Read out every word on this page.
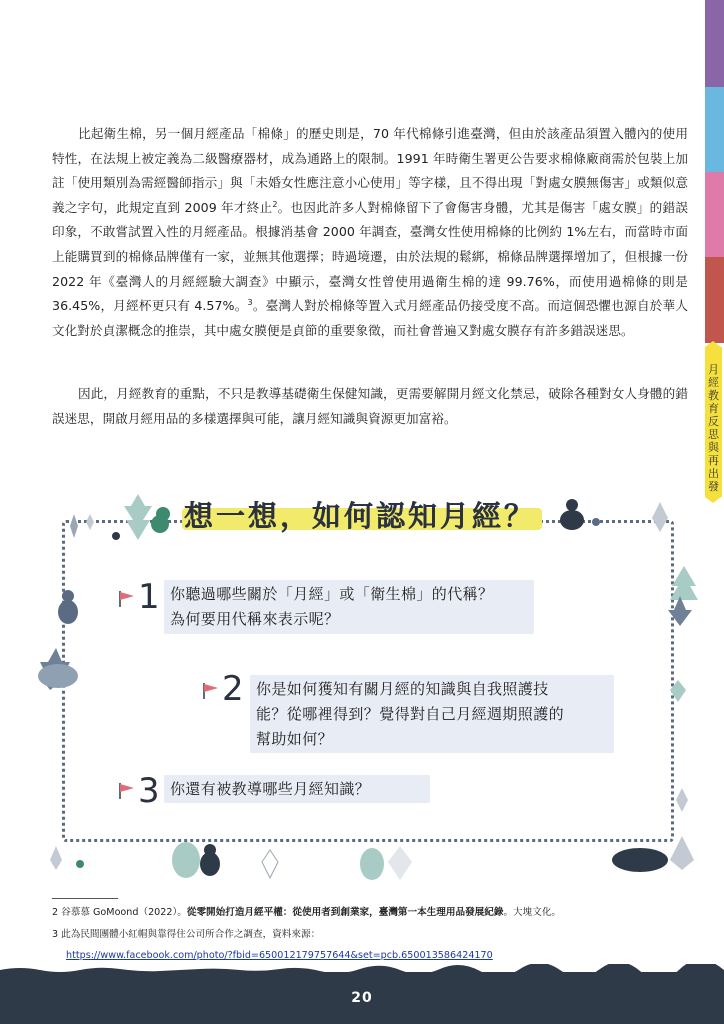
月
經
教
育
反
思
與
再
出
發

比起衛生棉，另一個月經產品「棉條」的歷史則是，70 年代棉條引進臺灣，但由於該產品須置入體內的使用特性，在法規上被定義為二級醫療器材，成為通路上的限制。1991 年時衛生署更公告要求棉條廠商需於包裝上加註「使用類別為需經醫師指示」與「未婚女性應注意小心使用」等字樣，且不得出現「對處女膜無傷害」或類似意義之字句，此規定直到 2009 年才終止$^2$。也因此許多人對棉條留下了會傷害身體，尤其是傷害「處女膜」的錯誤印象，不敢嘗試置入性的月經產品。根據消基會 2000 年調查，臺灣女性使用棉條的比例約 1%左右，而當時市面上能購買到的棉條品牌僅有一家，並無其他選擇；時過境遷，由於法規的鬆綁，棉條品牌選擇增加了，但根據一份 2022 年《臺灣人的月經經驗大調查》中顯示，臺灣女性曾使用過衛生棉的達 99.76%，而使用過棉條的則是 36.45%，月經杯更只有 4.57%。$^3$。臺灣人對於棉條等置入式月經產品仍接受度不高。而這個恐懼也源自於華人文化對於貞潔概念的推崇，其中處女膜便是貞節的重要象徵，而社會普遍又對處女膜存有許多錯誤迷思。

因此，月經教育的重點，不只是教導基礎衛生保健知識，更需要解開月經文化禁忌，破除各種對女人身體的錯誤迷思，開啟月經用品的多樣選擇與可能，讓月經知識與資源更加富裕。

想一想，如何認知月經？
1 你聽過哪些關於「月經」或「衛生棉」的代稱？
為何要用代稱來表示呢？
2 你是如何獲知有關月經的知識與自我照護技
能？從哪裡得到？覺得對自己月經週期照護的
幫助如何？
3 你還有被教導哪些月經知識？
2 谷慕慕 GoMoond（2022）。從零開始打造月經平權：從使用者到創業家，臺灣第一本生理用品發展紀錄。大塊文化。
3 此為民間團體小紅帽與靠得住公司所合作之調查，資料來源：
https://www.facebook.com/photo/?fbid=650012179757644&set=pcb.650013586424170
20
